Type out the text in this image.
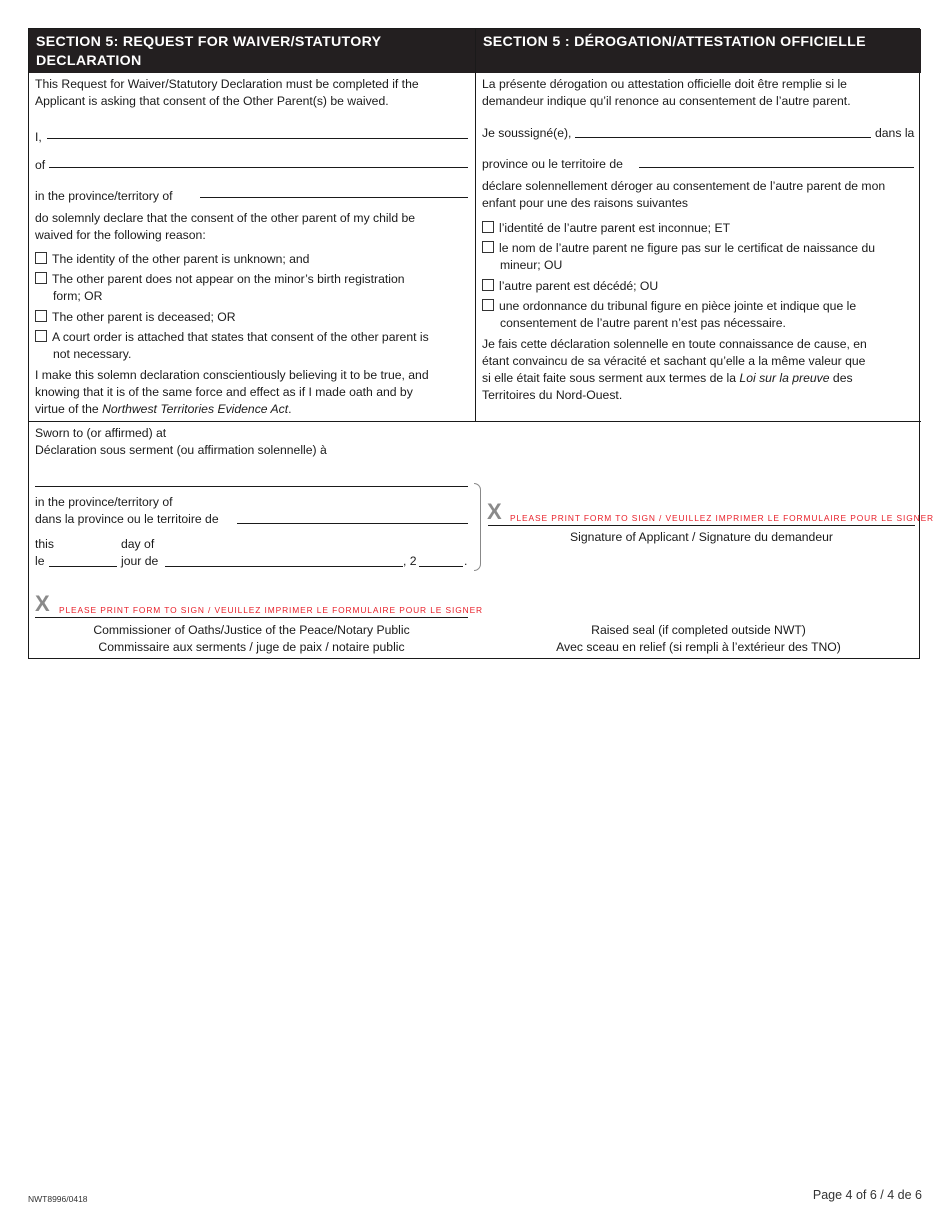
SECTION 5: REQUEST FOR WAIVER/STATUTORY DECLARATION
SECTION 5 : DÉROGATION/ATTESTATION OFFICIELLE
This Request for Waiver/Statutory Declaration must be completed if the
Applicant is asking that consent of the Other Parent(s) be waived.
I,
of
in the province/territory of
do solemnly declare that the consent of the other parent of my child be
waived for the following reason:
The identity of the other parent is unknown; and
The other parent does not appear on the minor’s birth registration
form; OR
The other parent is deceased; OR
A court order is attached that states that consent of the other parent is
not necessary.
I make this solemn declaration conscientiously believing it to be true, and
knowing that it is of the same force and effect as if I made oath and by
virtue of the Northwest Territories Evidence Act.
La présente dérogation ou attestation officielle doit être remplie si le
demandeur indique qu’il renonce au consentement de l’autre parent.
Je soussigné(e),	dans la
province ou le territoire de
déclare solennellement déroger au consentement de l’autre parent de mon
enfant pour une des raisons suivantes
l’identité de l’autre parent est inconnue; ET
le nom de l’autre parent ne figure pas sur le certificat de naissance du
mineur; OU
l’autre parent est décédé; OU
une ordonnance du tribunal figure en pièce jointe et indique que le
consentement de l’autre parent n’est pas nécessaire.
Je fais cette déclaration solennelle en toute connaissance de cause, en
étant convaincu de sa véracité et sachant qu’elle a la même valeur que
si elle était faite sous serment aux termes de la Loi sur la preuve des
Territoires du Nord-Ouest.
Sworn to (or affirmed) at
Déclaration sous serment (ou affirmation solennelle) à
in the province/territory of
dans la province ou le territoire de
this	day of
le	jour de	, 2	.
X PLEASE PRINT FORM TO SIGN / VEUILLEZ IMPRIMER LE FORMULAIRE POUR LE SIGNER
Commissioner of Oaths/Justice of the Peace/Notary Public
Commissaire aux serments / juge de paix / notaire public
X PLEASE PRINT FORM TO SIGN / VEUILLEZ IMPRIMER LE FORMULAIRE POUR LE SIGNER
Signature of Applicant / Signature du demandeur
Raised seal (if completed outside NWT)
Avec sceau en relief (si rempli à l’extérieur des TNO)
NWT8996/0418	Page 4 of 6 / 4 de 6
